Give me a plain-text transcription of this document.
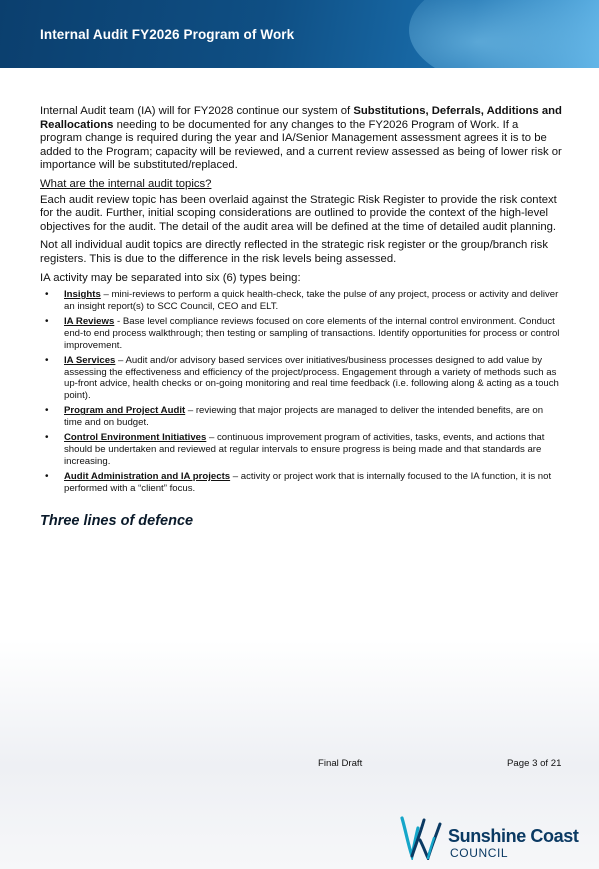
Internal Audit FY2026 Program of Work

Internal Audit team (IA) will for FY2028 continue our system of Substitutions, Deferrals, Additions and Reallocations needing to be documented for any changes to the FY2026 Program of Work. If a program change is required during the year and IA/Senior Management assessment agrees it is to be added to the Program; capacity will be reviewed, and a current review assessed as being of lower risk or importance will be substituted/replaced.

What are the internal audit topics?

Each audit review topic has been overlaid against the Strategic Risk Register to provide the risk context for the audit. Further, initial scoping considerations are outlined to provide the context of the high-level objectives for the audit. The detail of the audit area will be defined at the time of detailed audit planning.

Not all individual audit topics are directly reflected in the strategic risk register or the group/branch risk registers. This is due to the difference in the risk levels being assessed.

IA activity may be separated into six (6) types being:
• Insights – mini-reviews to perform a quick health-check, take the pulse of any project, process or activity and deliver an insight report(s) to SCC Council, CEO and ELT.
• IA Reviews - Base level compliance reviews focused on core elements of the internal control environment. Conduct end-to end process walkthrough; then testing or sampling of transactions. Identify opportunities for process or control improvement.
• IA Services – Audit and/or advisory based services over initiatives/business processes designed to add value by assessing the effectiveness and efficiency of the project/process. Engagement through a variety of methods such as up-front advice, health checks or on-going monitoring and real time feedback (i.e. following along & acting as a touch point).
• Program and Project Audit – reviewing that major projects are managed to deliver the intended benefits, are on time and on budget.
• Control Environment Initiatives – continuous improvement program of activities, tasks, events, and actions that should be undertaken and reviewed at regular intervals to ensure progress is being made and that standards are increasing.
• Audit Administration and IA projects – activity or project work that is internally focused to the IA function, it is not performed with a “client” focus.
Three lines of defence
Final Draft	Page 3 of 21
Sunshine Coast
COUNCIL
